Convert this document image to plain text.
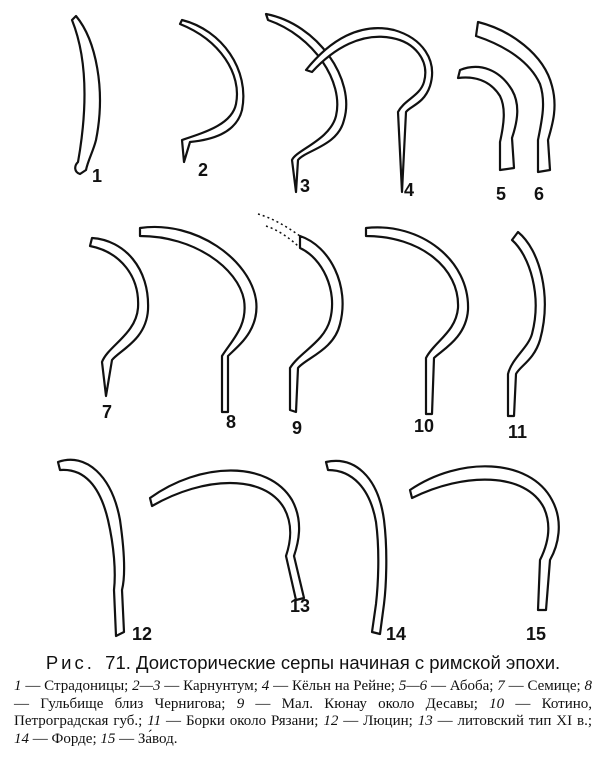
1	2
3	4	5 6
7	8	9	10	11
12
13
14	15

Рис. 71. Доисторические серпы начиная с римской эпохи.

1 — Страдоницы; 2—3 — Карнунтум; 4 — Кёльн на Рейне; 5—6 — Абоба; 7 — Семице; 8 — Гульбище близ Чернигова; 9 — Мал. Кюнау около Десавы; 10 — Котино, Петроградская губ.; 11 — Борки около Рязани; 12 — Люцин; 13 — литовский тип XI в.; 14 — Форде; 15 — За́вод.
